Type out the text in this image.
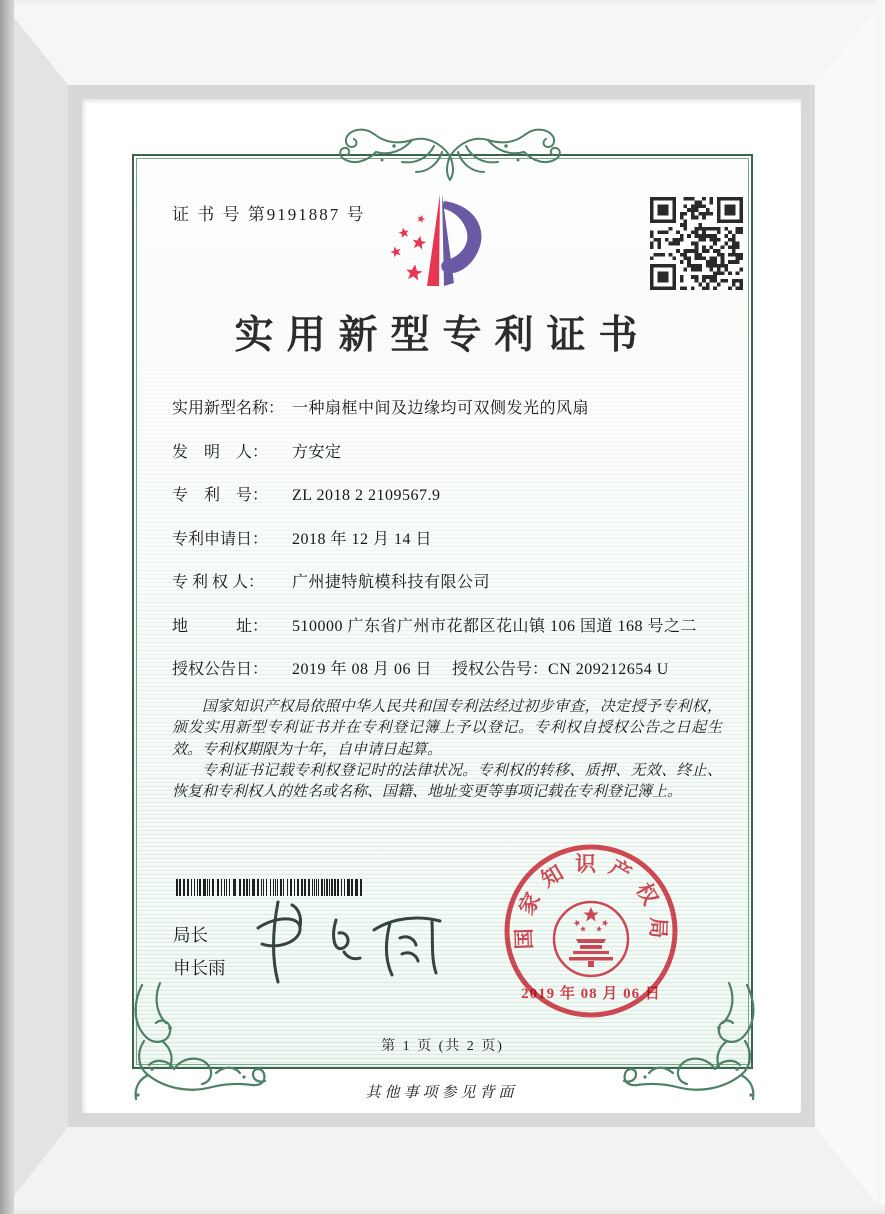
证 书 号 第9191887 号
实用新型专利证书
实用新型名称： 一种扇框中间及边缘均可双侧发光的风扇
发　明　人：	方安定
专　利　号：	ZL 2018 2 2109567.9
专利申请日：	2018 年 12 月 14 日
专 利 权 人：	广州捷特航模科技有限公司
地　　　址：	510000 广东省广州市花都区花山镇 106 国道 168 号之二
授权公告日： 2019 年 08 月 06 日	授权公告号：CN 209212654 U

国家知识产权局依照中华人民共和国专利法经过初步审查，决定授予专利权，颁发实用新型专利证书并在专利登记簿上予以登记。专利权自授权公告之日起生效。专利权期限为十年，自申请日起算。

专利证书记载专利权登记时的法律状况。专利权的转移、质押、无效、终止、恢复和专利权人的姓名或名称、国籍、地址变更等事项记载在专利登记簿上。

局长
申长雨
国家知识产权局
2019 年 08 月 06 日
第 1 页 (共 2 页)
其他事项参见背面
